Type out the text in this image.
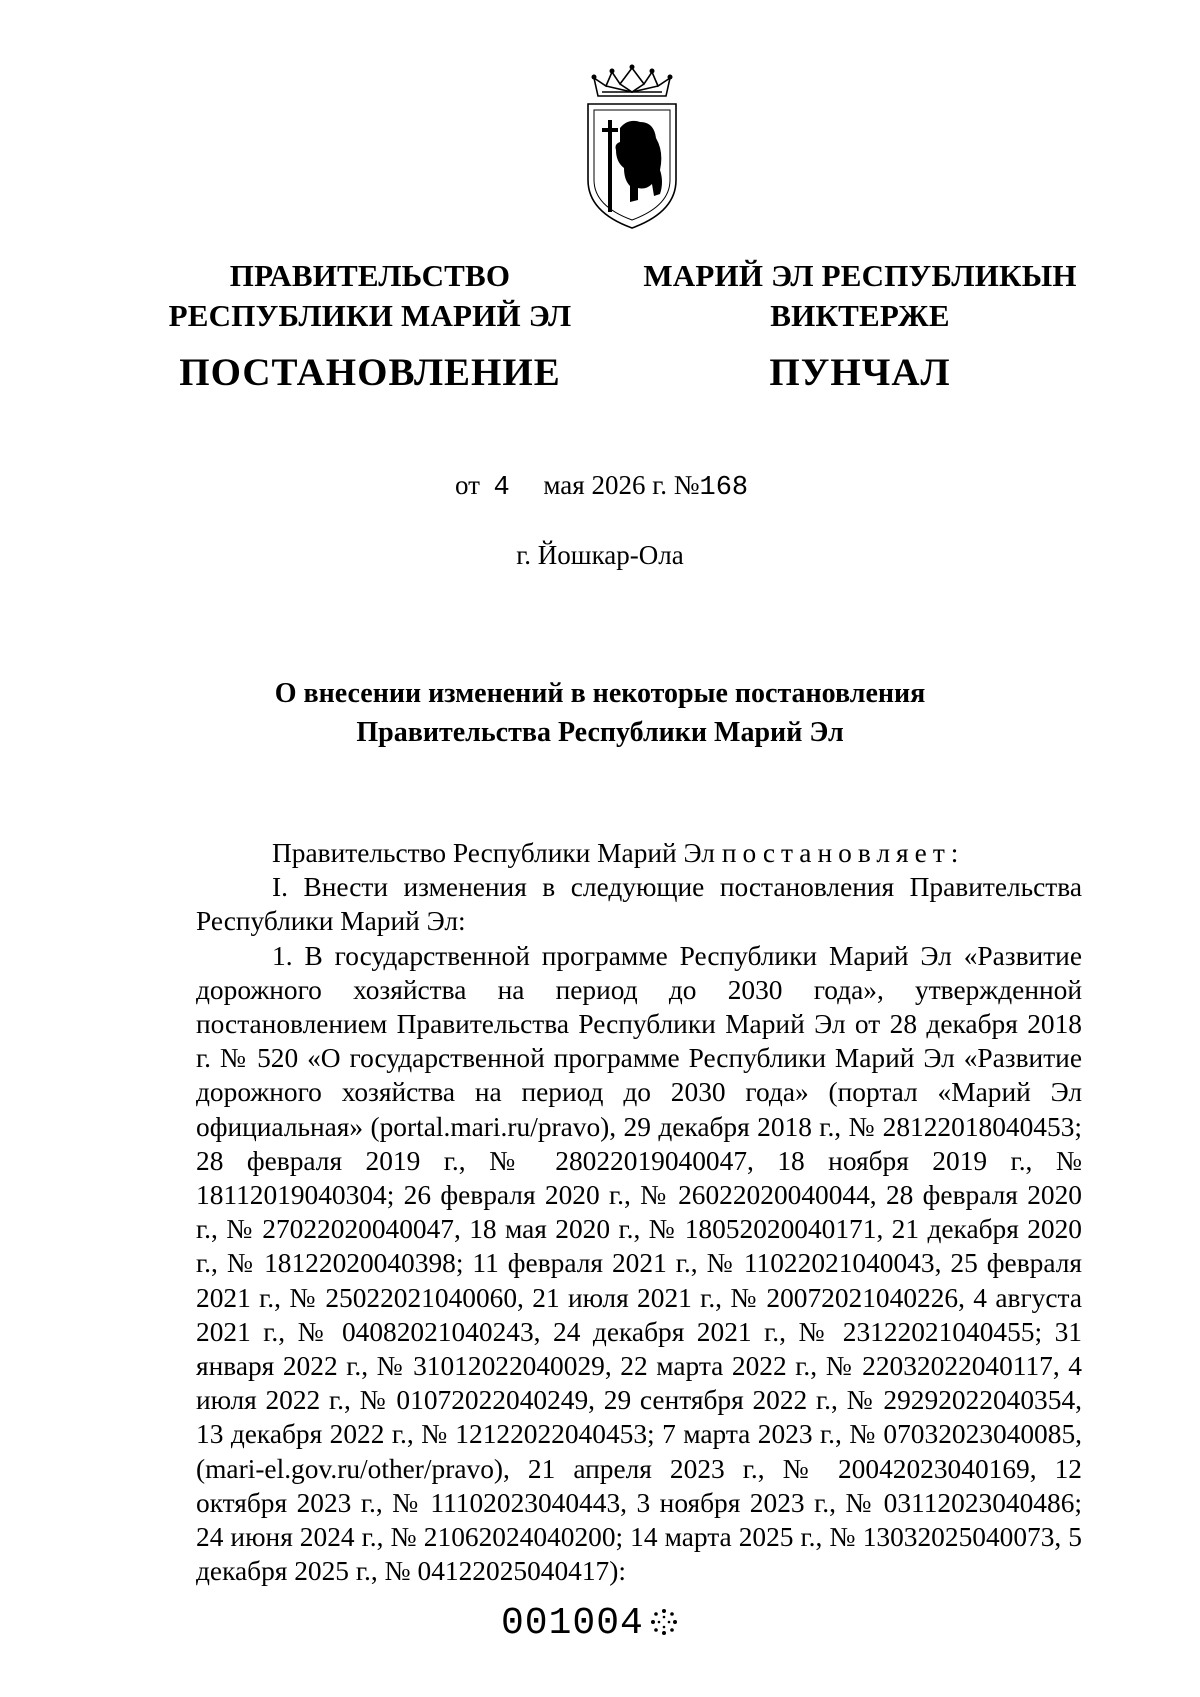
ПРАВИТЕЛЬСТВО
РЕСПУБЛИКИ МАРИЙ ЭЛ
ПОСТАНОВЛЕНИЕ
МАРИЙ ЭЛ РЕСПУБЛИКЫН
ВИКТЕРЖЕ
ПУНЧАЛ
от 4 мая 2026 г. №168
г. Йошкар-Ола
О внесении изменений в некоторые постановления
Правительства Республики Марий Эл

Правительство Республики Марий Эл постановляет:

I. Внести изменения в следующие постановления Правительства Республики Марий Эл:

1. В государственной программе Республики Марий Эл «Развитие дорожного хозяйства на период до 2030 года», утвержденной постановлением Правительства Республики Марий Эл от 28 декабря 2018 г. № 520 «О государственной программе Республики Марий Эл «Развитие дорожного хозяйства на период до 2030 года» (портал «Марий Эл официальная» (portal.mari.ru/pravo), 29 декабря 2018 г., № 28122018040453; 28 февраля 2019 г., № 28022019040047, 18 ноября 2019 г., № 18112019040304; 26 февраля 2020 г., № 26022020040044, 28 февраля 2020 г., № 27022020040047, 18 мая 2020 г., № 18052020040171, 21 декабря 2020 г., № 18122020040398; 11 февраля 2021 г., № 11022021040043, 25 февраля 2021 г., № 25022021040060, 21 июля 2021 г., № 20072021040226, 4 августа 2021 г., № 04082021040243, 24 декабря 2021 г., № 23122021040455; 31 января 2022 г., № 31012022040029, 22 марта 2022 г., № 22032022040117, 4 июля 2022 г., № 01072022040249, 29 сентября 2022 г., № 29292022040354, 13 декабря 2022 г., № 12122022040453; 7 марта 2023 г., № 07032023040085, (mari-el.gov.ru/other/pravo), 21 апреля 2023 г., № 20042023040169, 12 октября 2023 г., № 11102023040443, 3 ноября 2023 г., № 03112023040486; 24 июня 2024 г., № 21062024040200; 14 марта 2025 г., № 13032025040073, 5 декабря 2025 г., № 04122025040417):

001004
